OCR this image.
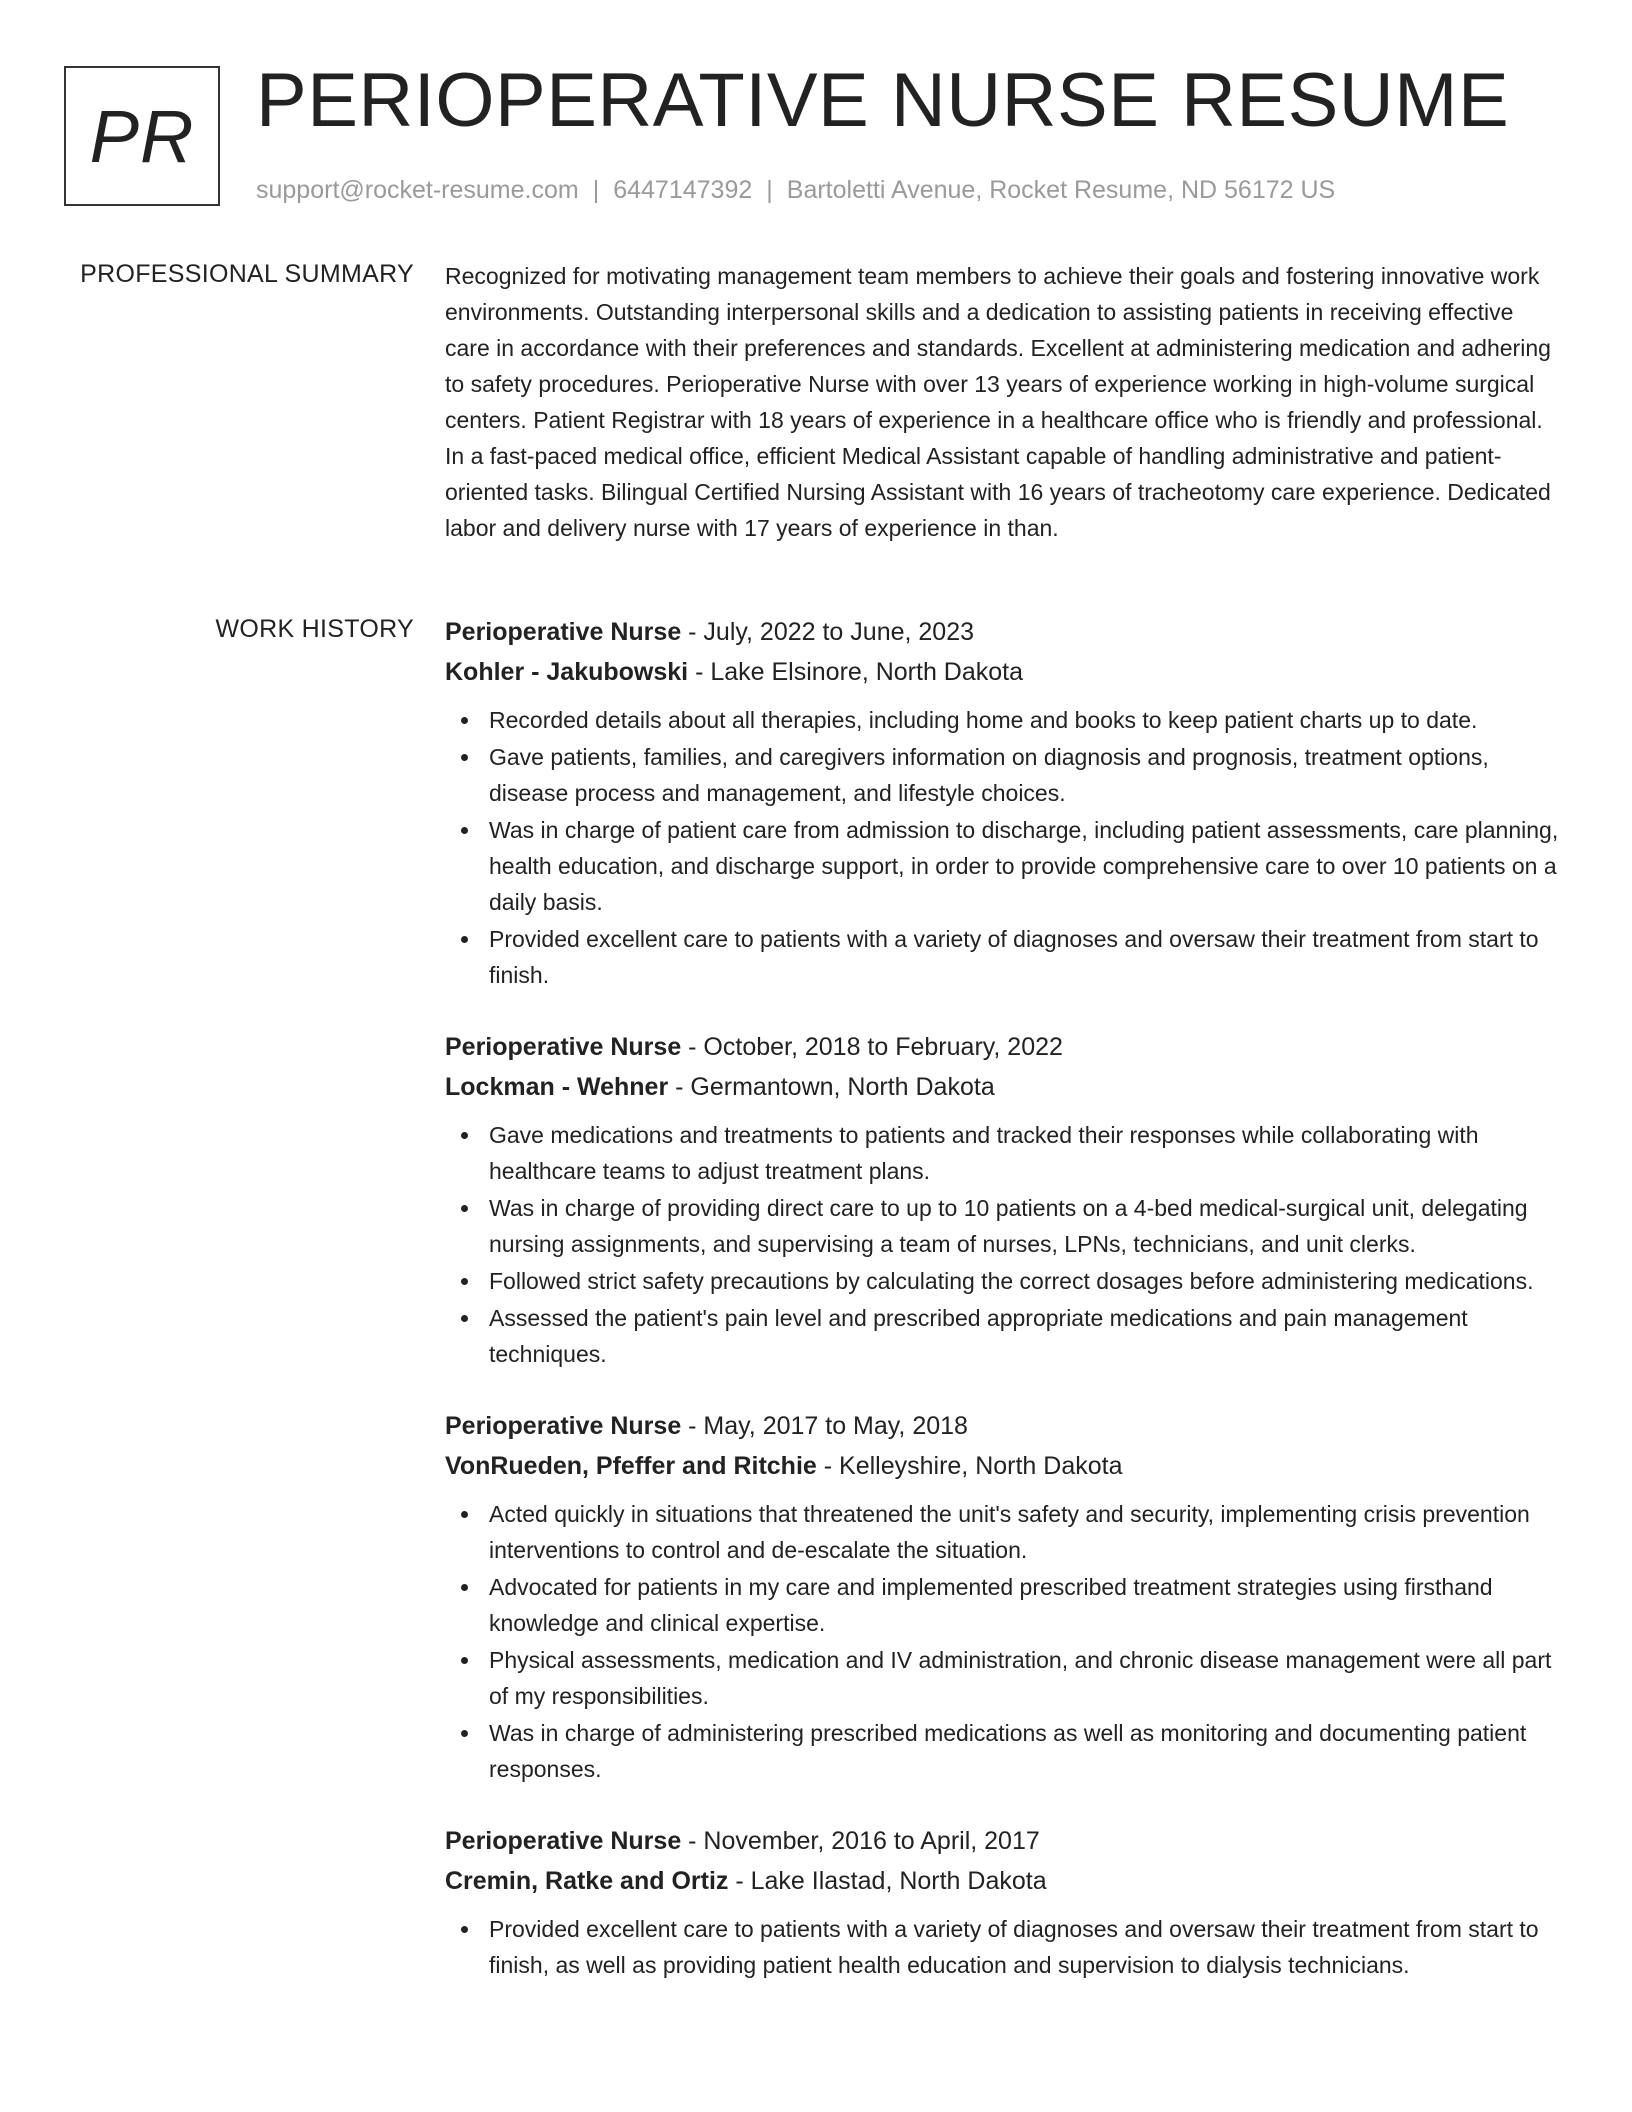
PR PERIOPERATIVE NURSE RESUME
support@rocket-resume.com | 6447147392 | Bartoletti Avenue, Rocket Resume, ND 56172 US
PROFESSIONAL SUMMARY Recognized for motivating management team members to achieve their goals and fostering innovative work environments. Outstanding interpersonal skills and a dedication to assisting patients in receiving effective care in accordance with their preferences and standards. Excellent at administering medication and adhering to safety procedures. Perioperative Nurse with over 13 years of experience working in high-volume surgical centers. Patient Registrar with 18 years of experience in a healthcare office who is friendly and professional. In a fast-paced medical office, efficient Medical Assistant capable of handling administrative and patient-oriented tasks. Bilingual Certified Nursing Assistant with 16 years of tracheotomy care experience. Dedicated labor and delivery nurse with 17 years of experience in than.

WORK HISTORY Perioperative Nurse - July, 2022 to June, 2023
Kohler - Jakubowski - Lake Elsinore, North Dakota
Recorded details about all therapies, including home and books to keep patient charts up to date.
Gave patients, families, and caregivers information on diagnosis and prognosis, treatment options, disease process and management, and lifestyle choices.
Was in charge of patient care from admission to discharge, including patient assessments, care planning, health education, and discharge support, in order to provide comprehensive care to over 10 patients on a daily basis.
Provided excellent care to patients with a variety of diagnoses and oversaw their treatment from start to finish.
Perioperative Nurse - October, 2018 to February, 2022
Lockman - Wehner - Germantown, North Dakota
Gave medications and treatments to patients and tracked their responses while collaborating with healthcare teams to adjust treatment plans.
Was in charge of providing direct care to up to 10 patients on a 4-bed medical-surgical unit, delegating nursing assignments, and supervising a team of nurses, LPNs, technicians, and unit clerks.
Followed strict safety precautions by calculating the correct dosages before administering medications.
Assessed the patient's pain level and prescribed appropriate medications and pain management techniques.
Perioperative Nurse - May, 2017 to May, 2018
VonRueden, Pfeffer and Ritchie - Kelleyshire, North Dakota
Acted quickly in situations that threatened the unit's safety and security, implementing crisis prevention interventions to control and de-escalate the situation.
Advocated for patients in my care and implemented prescribed treatment strategies using firsthand knowledge and clinical expertise.
Physical assessments, medication and IV administration, and chronic disease management were all part of my responsibilities.
Was in charge of administering prescribed medications as well as monitoring and documenting patient responses.
Perioperative Nurse - November, 2016 to April, 2017
Cremin, Ratke and Ortiz - Lake Ilastad, North Dakota
Provided excellent care to patients with a variety of diagnoses and oversaw their treatment from start to finish, as well as providing patient health education and supervision to dialysis technicians.
